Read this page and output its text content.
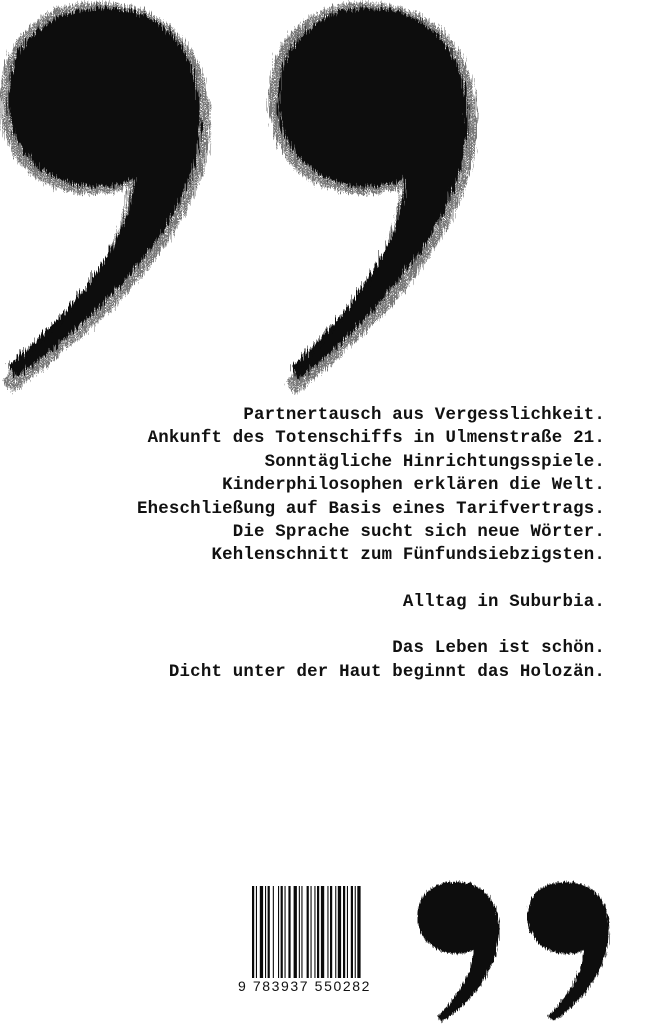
Partnertausch aus Vergesslichkeit.
Ankunft des Totenschiffs in Ulmenstraße 21.
Sonntägliche Hinrichtungsspiele.
Kinderphilosophen erklären die Welt.
Eheschließung auf Basis eines Tarifvertrags.
Die Sprache sucht sich neue Wörter.
Kehlenschnitt zum Fünfundsiebzigsten.
Alltag in Suburbia.
Das Leben ist schön.
Dicht unter der Haut beginnt das Holozän.
9 783937 550282
